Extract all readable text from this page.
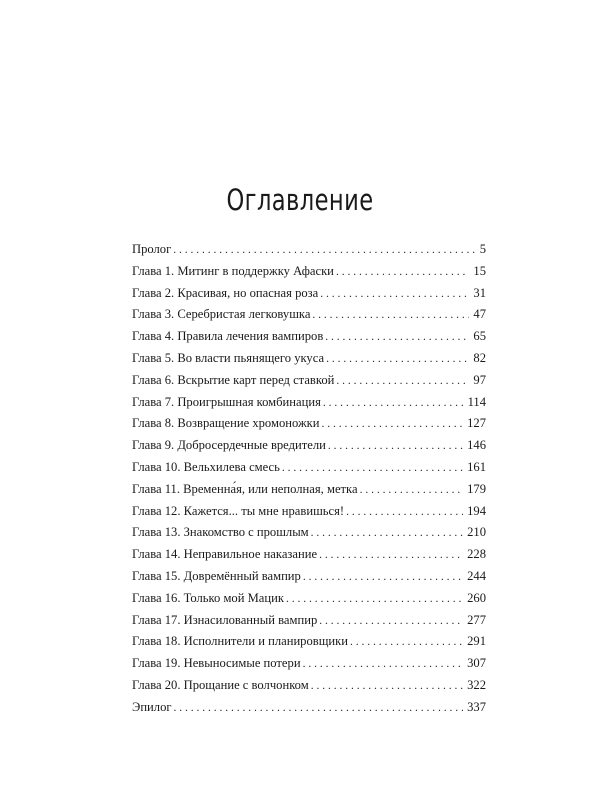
Оглавление
Пролог . . .	5
Глава 1. Митинг в поддержку Афаски . . .	15
Глава 2. Красивая, но опасная роза . . .	31
Глава 3. Серебристая легковушка . . .	47
Глава 4. Правила лечения вампиров . . .	65
Глава 5. Во власти пьянящего укуса . . .	82
Глава 6. Вскрытие карт перед ставкой . . .	97
Глава 7. Проигрышная комбинация . . .	114
Глава 8. Возвращение хромоножки . . .	127
Глава 9. Добросердечные вредители . . .	146
Глава 10. Вельхилева смесь . . .	161
Глава 11. Временна́я, или неполная, метка . . .	179
Глава 12. Кажется... ты мне нравишься! . . .	194
Глава 13. Знакомство с прошлым . . .	210
Глава 14. Неправильное наказание . . .	228
Глава 15. Довремённый вампир . . .	244
Глава 16. Только мой Мацик . . .	260
Глава 17. Изнасилованный вампир . . .	277
Глава 18. Исполнители и планировщики . . .	291
Глава 19. Невыносимые потери . . .	307
Глава 20. Прощание с волчонком . . .	322
Эпилог . . .	337
